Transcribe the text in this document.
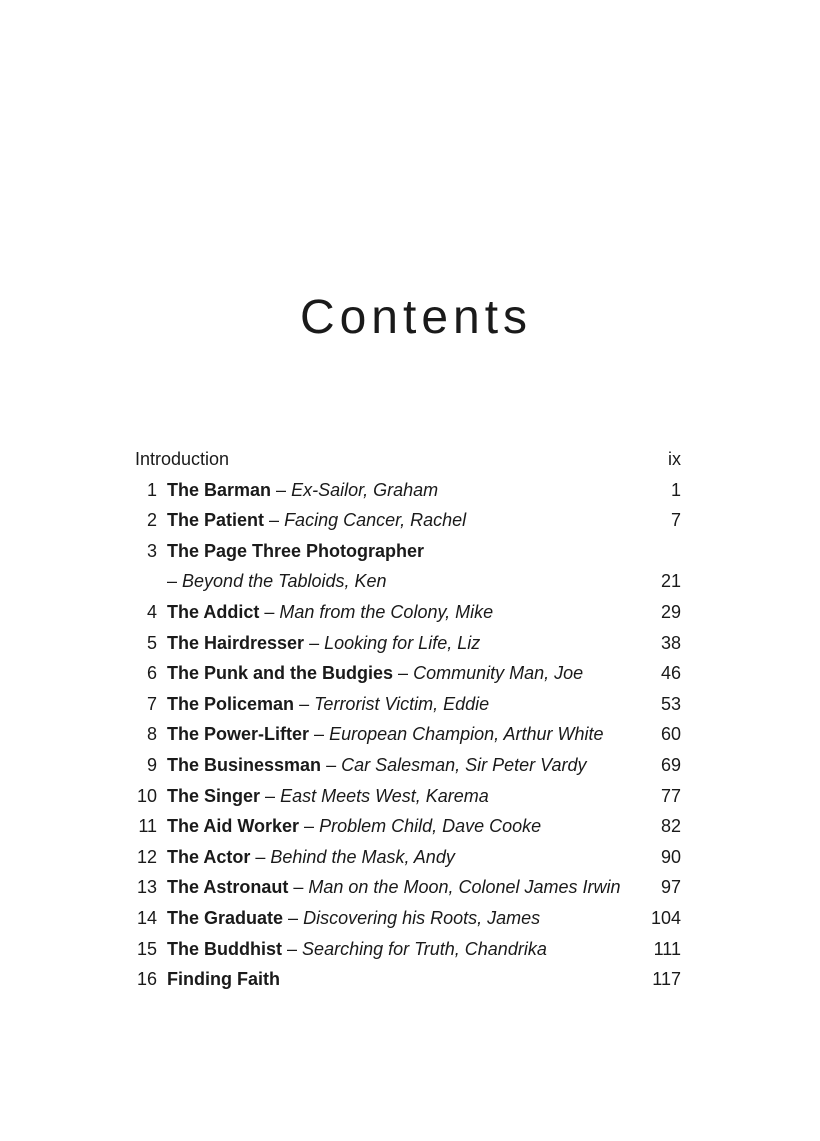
Contents
Introduction	ix
1 The Barman – Ex-Sailor, Graham	1
2 The Patient – Facing Cancer, Rachel	7
3 The Page Three Photographer
– Beyond the Tabloids, Ken	21
4 The Addict – Man from the Colony, Mike	29
5 The Hairdresser – Looking for Life, Liz	38
6 The Punk and the Budgies – Community Man, Joe	46
7 The Policeman – Terrorist Victim, Eddie	53
8 The Power-Lifter – European Champion, Arthur White	60
9 The Businessman – Car Salesman, Sir Peter Vardy	69
10 The Singer – East Meets West, Karema	77
11 The Aid Worker – Problem Child, Dave Cooke	82
12 The Actor – Behind the Mask, Andy	90
13 The Astronaut – Man on the Moon, Colonel James Irwin 97
14 The Graduate – Discovering his Roots, James	104
15 The Buddhist – Searching for Truth, Chandrika	111
16 Finding Faith	117
